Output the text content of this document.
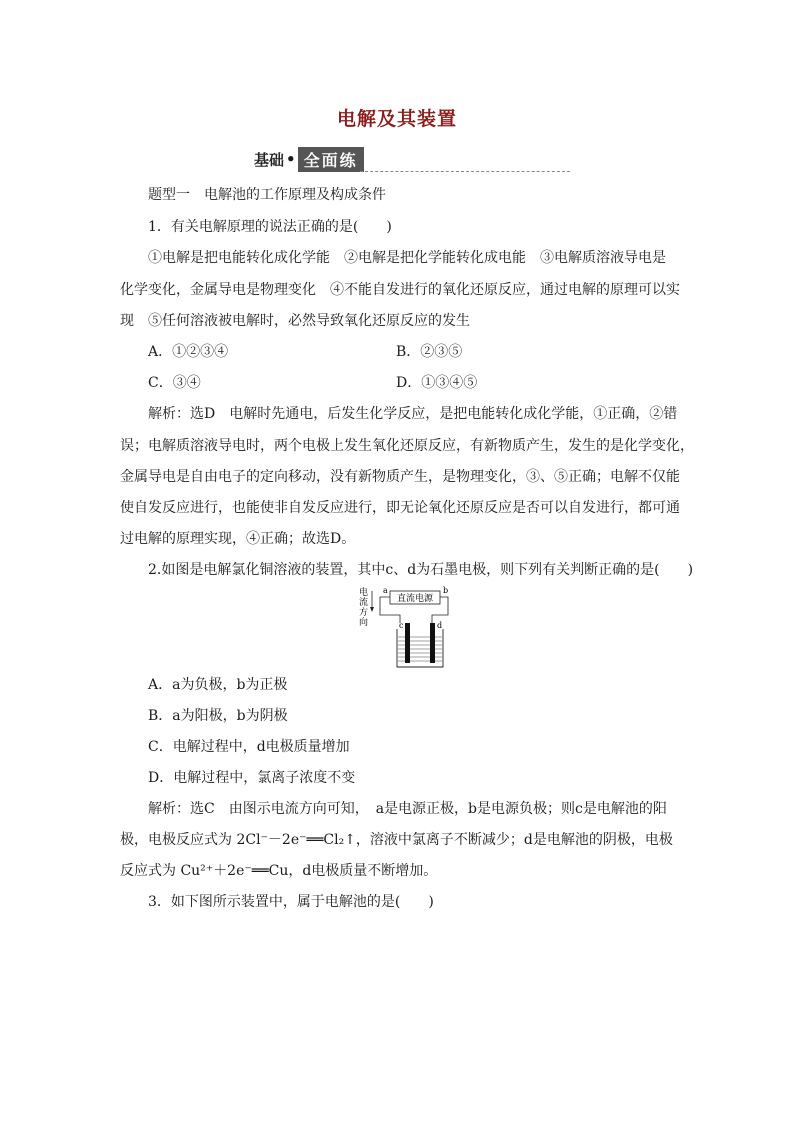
电解及其装置
基础 • 全面练
题型一　电解池的工作原理及构成条件
1．有关电解原理的说法正确的是(　　)
①电解是把电能转化成化学能　②电解是把化学能转化成电能　③电解质溶液导电是
化学变化，金属导电是物理变化　④不能自发进行的氧化还原反应，通过电解的原理可以实
现　⑤任何溶液被电解时，必然导致氧化还原反应的发生
A．①②③④	B．②③⑤
C．③④	D．①③④⑤
解析：选D　电解时先通电，后发生化学反应，是把电能转化成化学能，①正确，②错
误；电解质溶液导电时，两个电极上发生氧化还原反应，有新物质产生，发生的是化学变化，
金属导电是自由电子的定向移动，没有新物质产生，是物理变化，③、⑤正确；电解不仅能
使自发反应进行，也能使非自发反应进行，即无论氧化还原反应是否可以自发进行，都可通
过电解的原理实现，④正确；故选D。
2.如图是电解氯化铜溶液的装置，其中c、d为石墨电极，则下列有关判断正确的是(　　)
电
流
方
向
直流电源
a	b
c	d
A．a为负极，b为正极
B．a为阳极，b为阴极
C．电解过程中，d电极质量增加
D．电解过程中，氯离子浓度不变
解析：选C　由图示电流方向可知，　a是电源正极，b是电源负极；则c是电解池的阳
极，电极反应式为 2Cl⁻－2e⁻══Cl₂↑，溶液中氯离子不断减少；d是电解池的阴极，电极
反应式为 Cu²⁺＋2e⁻══Cu，d电极质量不断增加。
3．如下图所示装置中，属于电解池的是(　　)
